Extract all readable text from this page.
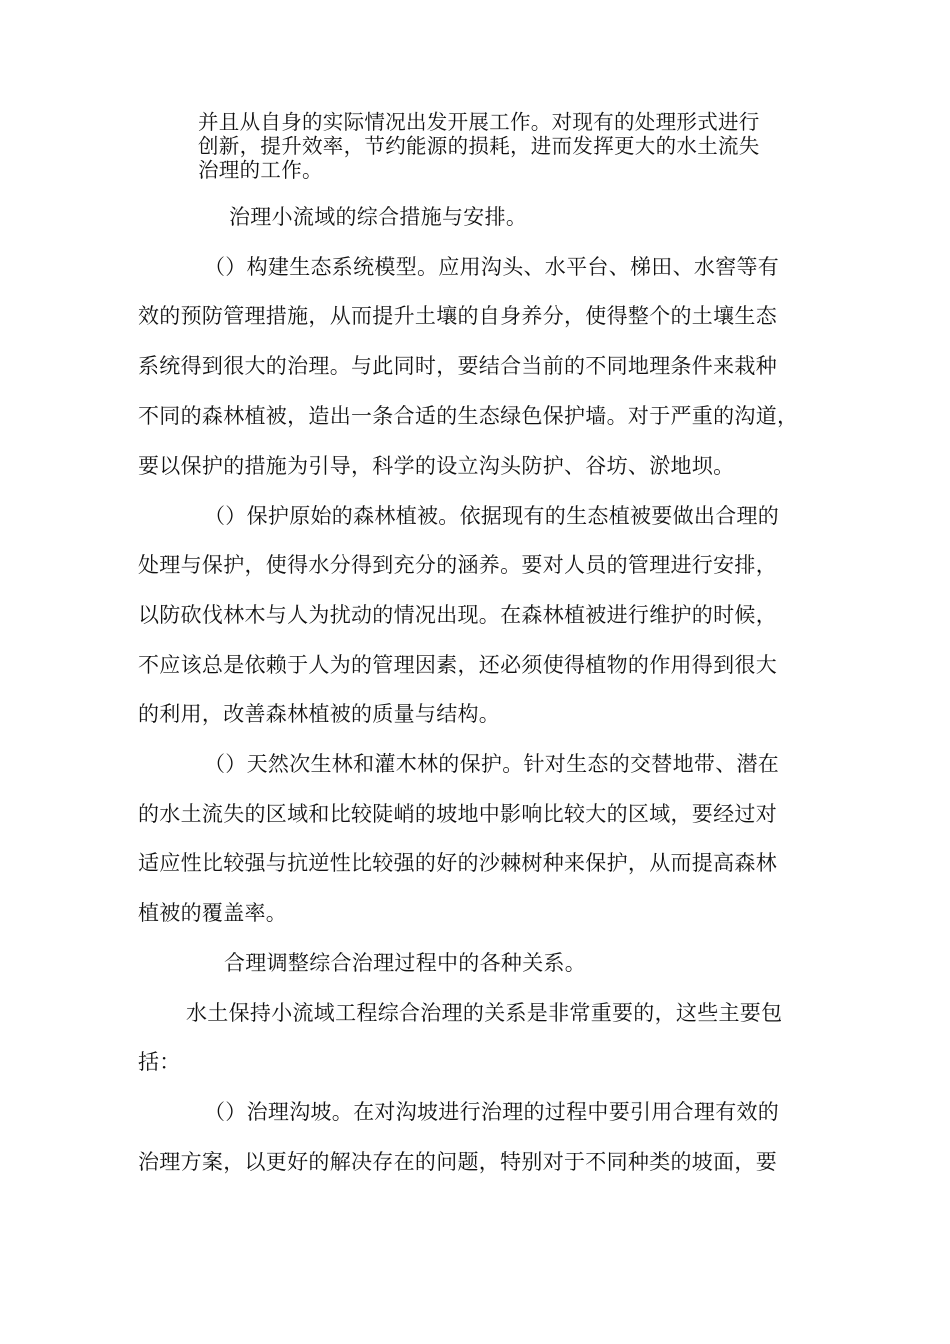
并且从自身的实际情况出发开展工作。对现有的处理形式进行
创新，提升效率，节约能源的损耗，进而发挥更大的水土流失
治理的工作。
治理小流域的综合措施与安排。
（）构建生态系统模型。应用沟头、水平台、梯田、水窖等有
效的预防管理措施，从而提升土壤的自身养分，使得整个的土壤生态
系统得到很大的治理。与此同时，要结合当前的不同地理条件来栽种
不同的森林植被，造出一条合适的生态绿色保护墙。对于严重的沟道，
要以保护的措施为引导，科学的设立沟头防护、谷坊、淤地坝。
（）保护原始的森林植被。依据现有的生态植被要做出合理的
处理与保护，使得水分得到充分的涵养。要对人员的管理进行安排，
以防砍伐林木与人为扰动的情况出现。在森林植被进行维护的时候，
不应该总是依赖于人为的管理因素，还必须使得植物的作用得到很大
的利用，改善森林植被的质量与结构。
（）天然次生林和灌木林的保护。针对生态的交替地带、潜在
的水土流失的区域和比较陡峭的坡地中影响比较大的区域，要经过对
适应性比较强与抗逆性比较强的好的沙棘树种来保护，从而提高森林
植被的覆盖率。
合理调整综合治理过程中的各种关系。
水土保持小流域工程综合治理的关系是非常重要的，这些主要包
括：
（）治理沟坡。在对沟坡进行治理的过程中要引用合理有效的
治理方案，以更好的解决存在的问题，特别对于不同种类的坡面，要
